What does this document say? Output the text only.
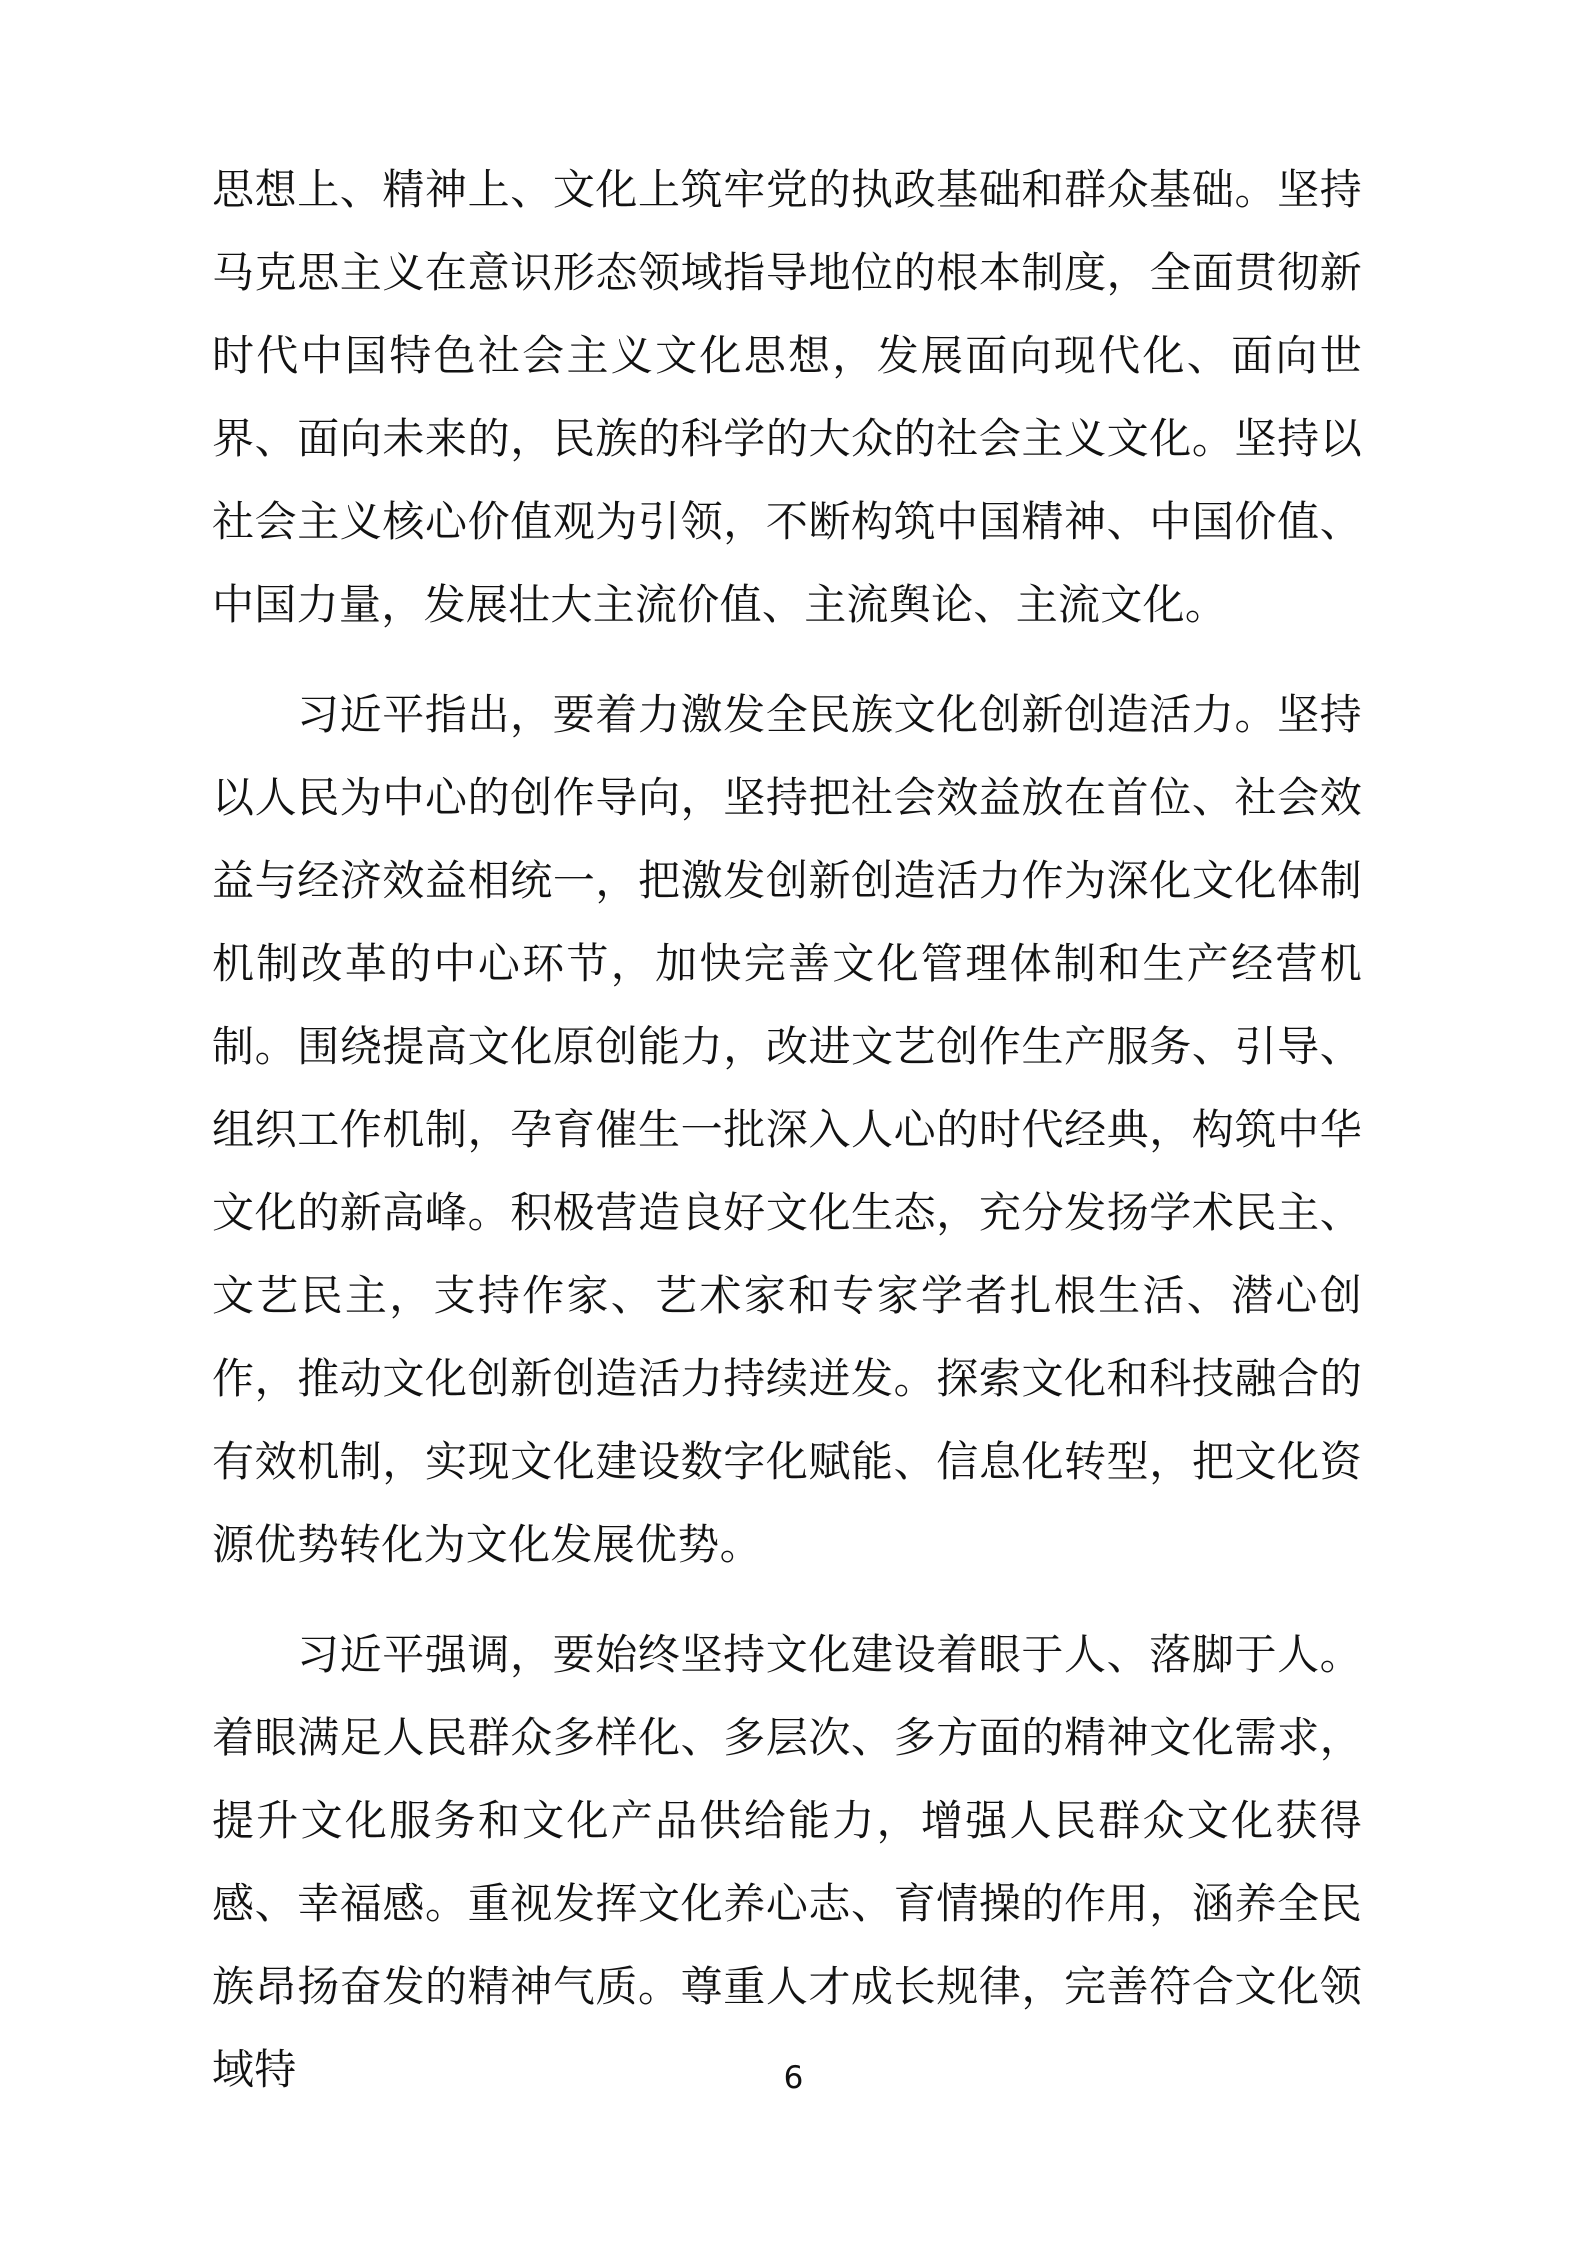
思想上、精神上、文化上筑牢党的执政基础和群众基础。坚持马克思主义在意识形态领域指导地位的根本制度，全面贯彻新时代中国特色社会主义文化思想，发展面向现代化、面向世界、面向未来的，民族的科学的大众的社会主义文化。坚持以社会主义核心价值观为引领，不断构筑中国精神、中国价值、中国力量，发展壮大主流价值、主流舆论、主流文化。

习近平指出，要着力激发全民族文化创新创造活力。坚持以人民为中心的创作导向，坚持把社会效益放在首位、社会效益与经济效益相统一，把激发创新创造活力作为深化文化体制机制改革的中心环节，加快完善文化管理体制和生产经营机制。围绕提高文化原创能力，改进文艺创作生产服务、引导、组织工作机制，孕育催生一批深入人心的时代经典，构筑中华文化的新高峰。积极营造良好文化生态，充分发扬学术民主、文艺民主，支持作家、艺术家和专家学者扎根生活、潜心创作，推动文化创新创造活力持续迸发。探索文化和科技融合的有效机制，实现文化建设数字化赋能、信息化转型，把文化资源优势转化为文化发展优势。

习近平强调，要始终坚持文化建设着眼于人、落脚于人。着眼满足人民群众多样化、多层次、多方面的精神文化需求，提升文化服务和文化产品供给能力，增强人民群众文化获得感、幸福感。重视发挥文化养心志、育情操的作用，涵养全民族昂扬奋发的精神气质。尊重人才成长规律，完善符合文化领域特	6
